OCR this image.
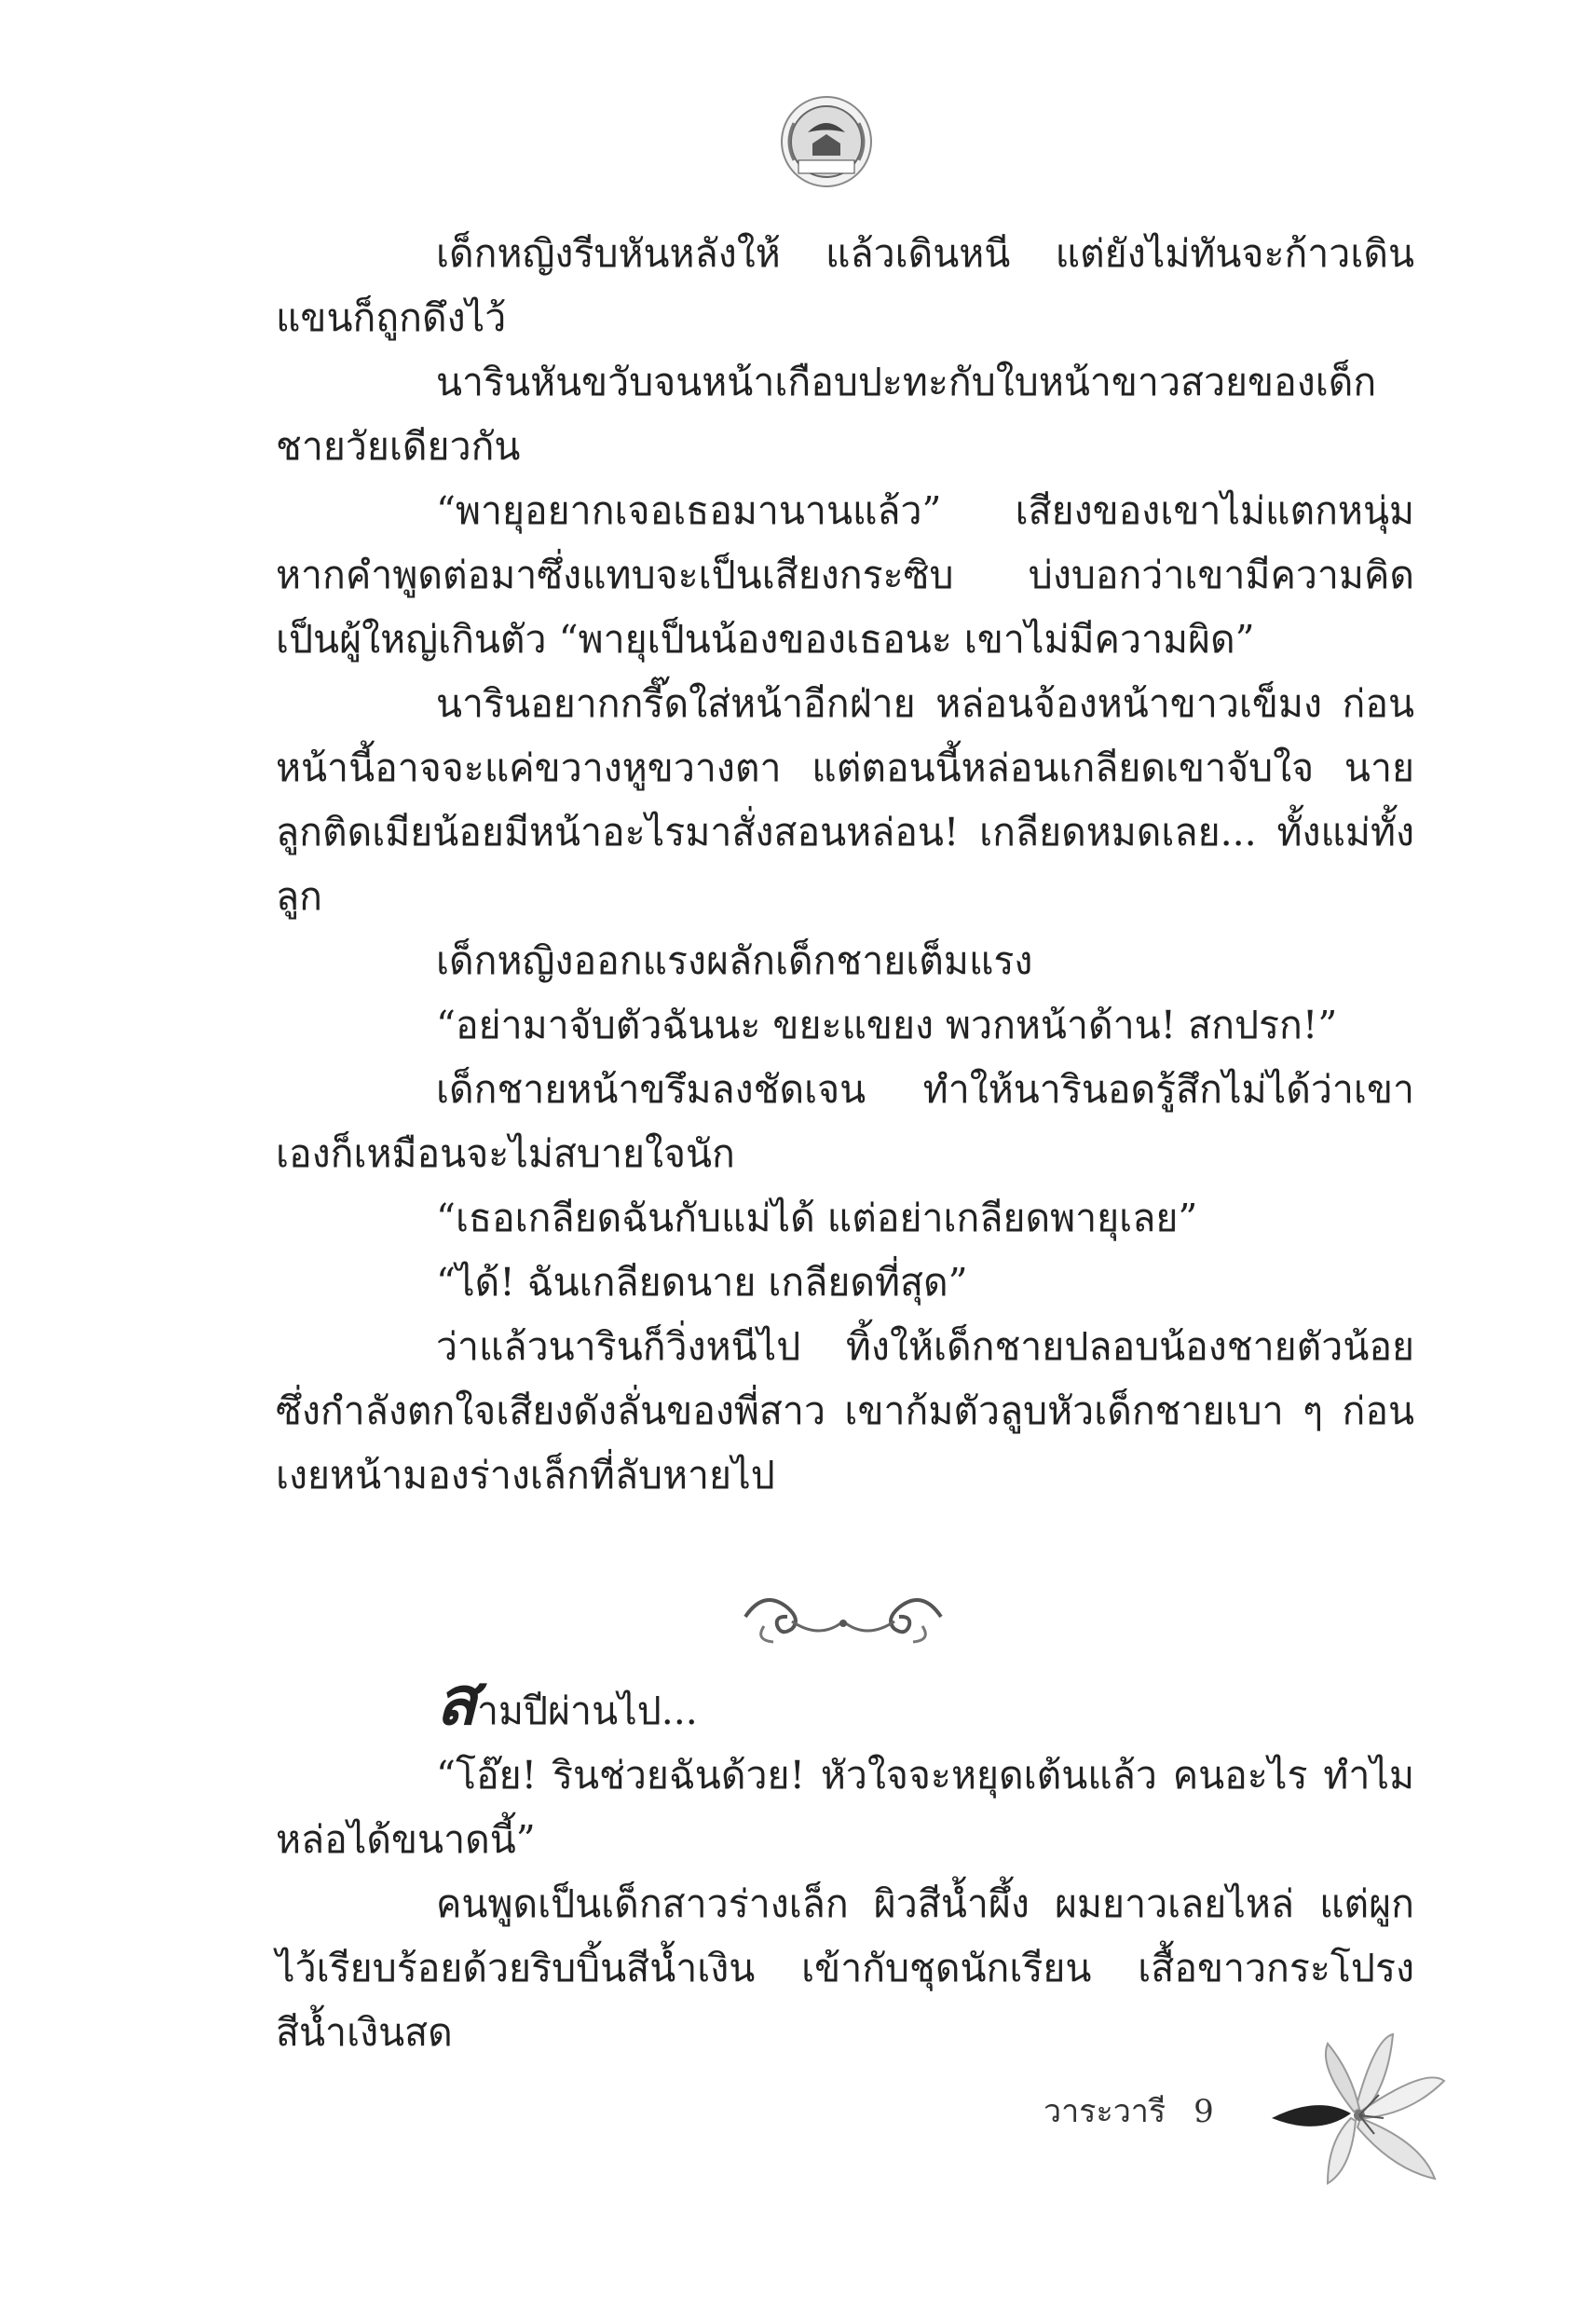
เด็กหญิงรีบหันหลังให้ แล้วเดินหนี แต่ยังไม่ทันจะก้าวเดิน แขนก็ถูกดึงไว้

นารินหันขวับจนหน้าเกือบปะทะกับใบหน้าขาวสวยของเด็กชายวัยเดียวกัน

“พายุอยากเจอเธอมานานแล้ว” เสียงของเขาไม่แตกหนุ่ม หากคำพูดต่อมาซึ่งแทบจะเป็นเสียงกระซิบ บ่งบอกว่าเขามีความคิดเป็นผู้ใหญ่เกินตัว “พายุเป็นน้องของเธอนะ เขาไม่มีความผิด”

นารินอยากกรี๊ดใส่หน้าอีกฝ่าย หล่อนจ้องหน้าขาวเข็มง ก่อนหน้านี้อาจจะแค่ขวางหูขวางตา แต่ตอนนี้หล่อนเกลียดเขาจับใจ นายลูกติดเมียน้อยมีหน้าอะไรมาสั่งสอนหล่อน! เกลียดหมดเลย... ทั้งแม่ทั้งลูก

เด็กหญิงออกแรงผลักเด็กชายเต็มแรง

“อย่ามาจับตัวฉันนะ ขยะแขยง พวกหน้าด้าน! สกปรก!”

เด็กชายหน้าขรึมลงชัดเจน ทำให้นารินอดรู้สึกไม่ได้ว่าเขาเองก็เหมือนจะไม่สบายใจนัก

“เธอเกลียดฉันกับแม่ได้ แต่อย่าเกลียดพายุเลย”

“ได้! ฉันเกลียดนาย เกลียดที่สุด”

ว่าแล้วนารินก็วิ่งหนีไป ทิ้งให้เด็กชายปลอบน้องชายตัวน้อยซึ่งกำลังตกใจเสียงดังลั่นของพี่สาว เขาก้มตัวลูบหัวเด็กชายเบา ๆ ก่อนเงยหน้ามองร่างเล็กที่ลับหายไป

สามปีผ่านไป...

“โอ๊ย! รินช่วยฉันด้วย! หัวใจจะหยุดเต้นแล้ว คนอะไร ทำไมหล่อได้ขนาดนี้”

คนพูดเป็นเด็กสาวร่างเล็ก ผิวสีน้ำผึ้ง ผมยาวเลยไหล่ แต่ผูกไว้เรียบร้อยด้วยริบบิ้นสีน้ำเงิน เข้ากับชุดนักเรียน เสื้อขาวกระโปรงสีน้ำเงินสด

วาระวารี 9
